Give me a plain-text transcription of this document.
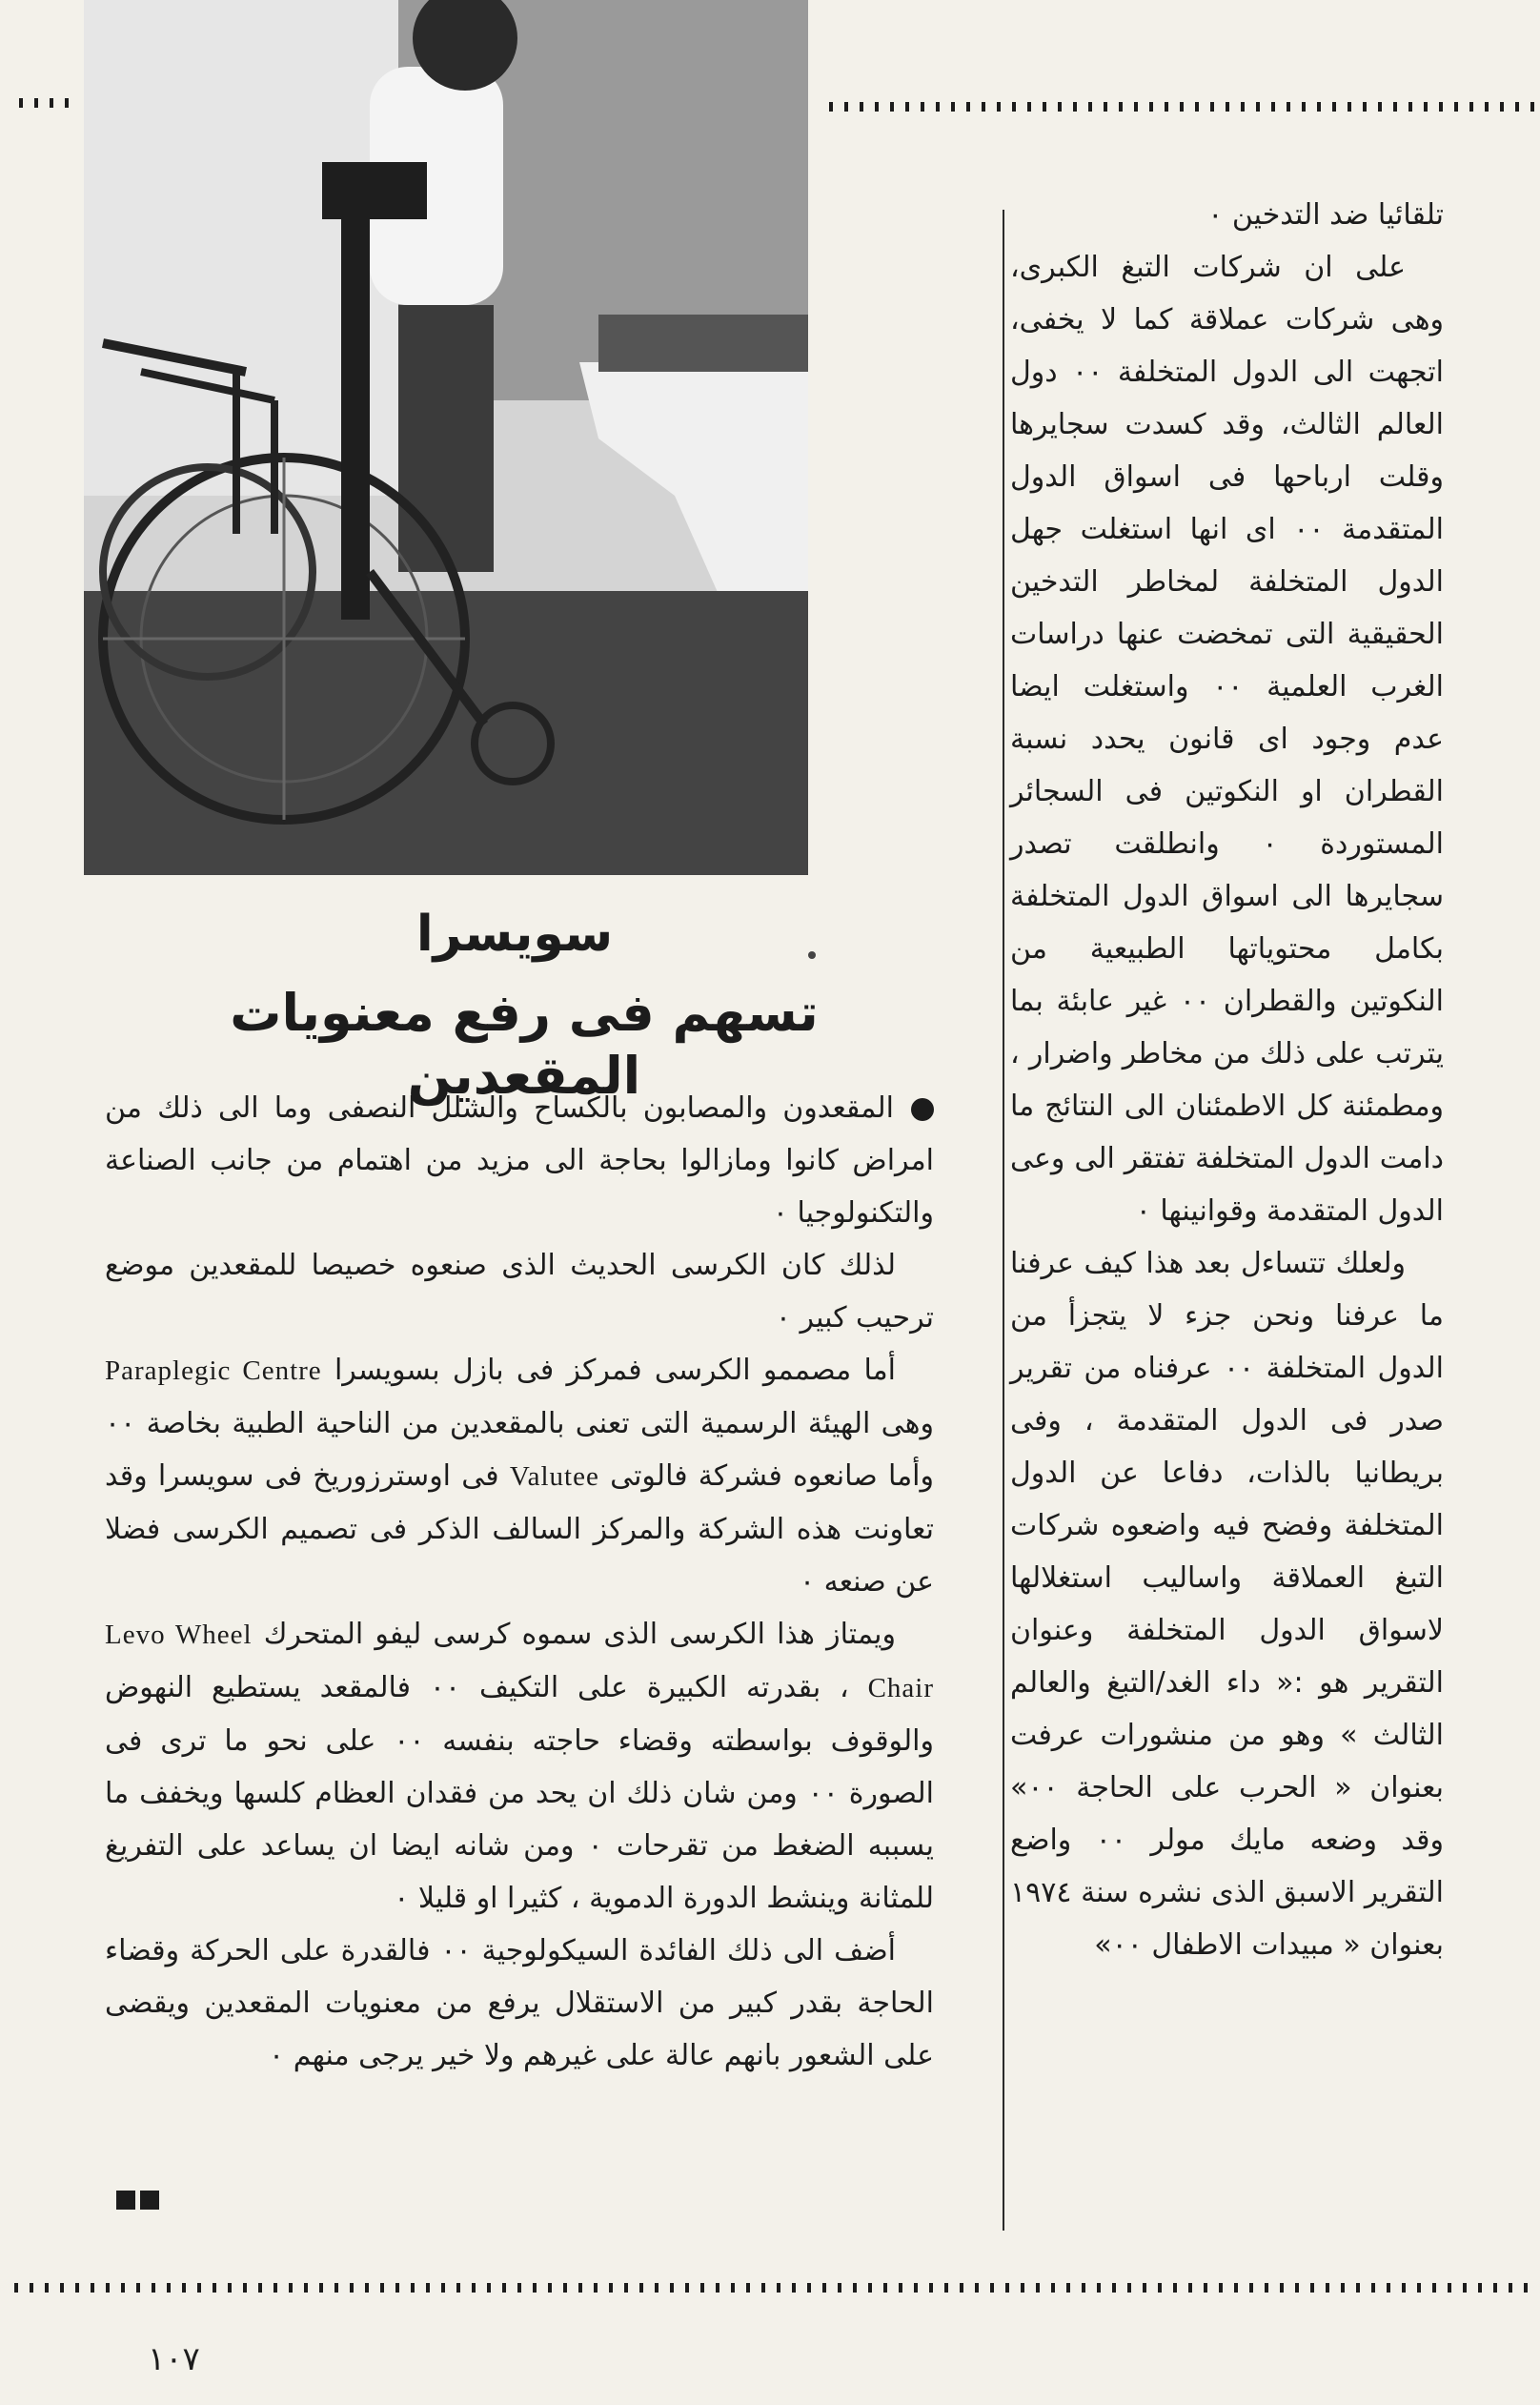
تلقائيا ضد التدخين ٠

على ان شركات التبغ الكبرى، وهى شركات عملاقة كما لا يخفى، اتجهت الى الدول المتخلفة ٠٠ دول العالم الثالث، وقد كسدت سجايرها وقلت ارباحها فى اسواق الدول المتقدمة ٠٠ اى انها استغلت جهل الدول المتخلفة لمخاطر التدخين الحقيقية التى تمخضت عنها دراسات الغرب العلمية ٠٠ واستغلت ايضا عدم وجود اى قانون يحدد نسبة القطران او النكوتين فى السجائر المستوردة ٠ وانطلقت تصدر سجايرها الى اسواق الدول المتخلفة بكامل محتوياتها الطبيعية من النكوتين والقطران ٠٠ غير عابئة بما يترتب على ذلك من مخاطر واضرار ، ومطمئنة كل الاطمئنان الى النتائج ما دامت الدول المتخلفة تفتقر الى وعى الدول المتقدمة وقوانينها ٠

ولعلك تتساءل بعد هذا كيف عرفنا ما عرفنا ونحن جزء لا يتجزأ من الدول المتخلفة ٠٠ عرفناه من تقرير صدر فى الدول المتقدمة ، وفى بريطانيا بالذات، دفاعا عن الدول المتخلفة وفضح فيه واضعوه شركات التبغ العملاقة واساليب استغلالها لاسواق الدول المتخلفة وعنوان التقرير هو :« داء الغد/التبغ والعالم الثالث » وهو من منشورات عرفت بعنوان « الحرب على الحاجة ٠٠» وقد وضعه مايك مولر ٠٠ واضع التقرير الاسبق الذى نشره سنة ١٩٧٤ بعنوان « مبيدات الاطفال ٠٠»

سويسرا
تسهم فى رفع معنويات المقعدين

المقعدون والمصابون بالكساح والشلل النصفى وما الى ذلك من امراض كانوا ومازالوا بحاجة الى مزيد من اهتمام من جانب الصناعة والتكنولوجيا ٠

لذلك كان الكرسى الحديث الذى صنعوه خصيصا للمقعدين موضع ترحيب كبير ٠

أما مصممو الكرسى فمركز فى بازل بسويسرا Paraplegic Centre وهى الهيئة الرسمية التى تعنى بالمقعدين من الناحية الطبية بخاصة ٠٠ وأما صانعوه فشركة فالوتى Valutee فى اوسترزوريخ فى سويسرا وقد تعاونت هذه الشركة والمركز السالف الذكر فى تصميم الكرسى فضلا عن صنعه ٠

ويمتاز هذا الكرسى الذى سموه كرسى ليفو المتحرك Levo Wheel Chair ، بقدرته الكبيرة على التكيف ٠٠ فالمقعد يستطيع النهوض والوقوف بواسطته وقضاء حاجته بنفسه ٠٠ على نحو ما ترى فى الصورة ٠٠ ومن شان ذلك ان يحد من فقدان العظام كلسها ويخفف ما يسببه الضغط من تقرحات ٠ ومن شانه ايضا ان يساعد على التفريغ للمثانة وينشط الدورة الدموية ، كثيرا او قليلا ٠

أضف الى ذلك الفائدة السيكولوجية ٠٠ فالقدرة على الحركة وقضاء الحاجة بقدر كبير من الاستقلال يرفع من معنويات المقعدين ويقضى على الشعور بانهم عالة على غيرهم ولا خير يرجى منهم ٠

١٠٧
